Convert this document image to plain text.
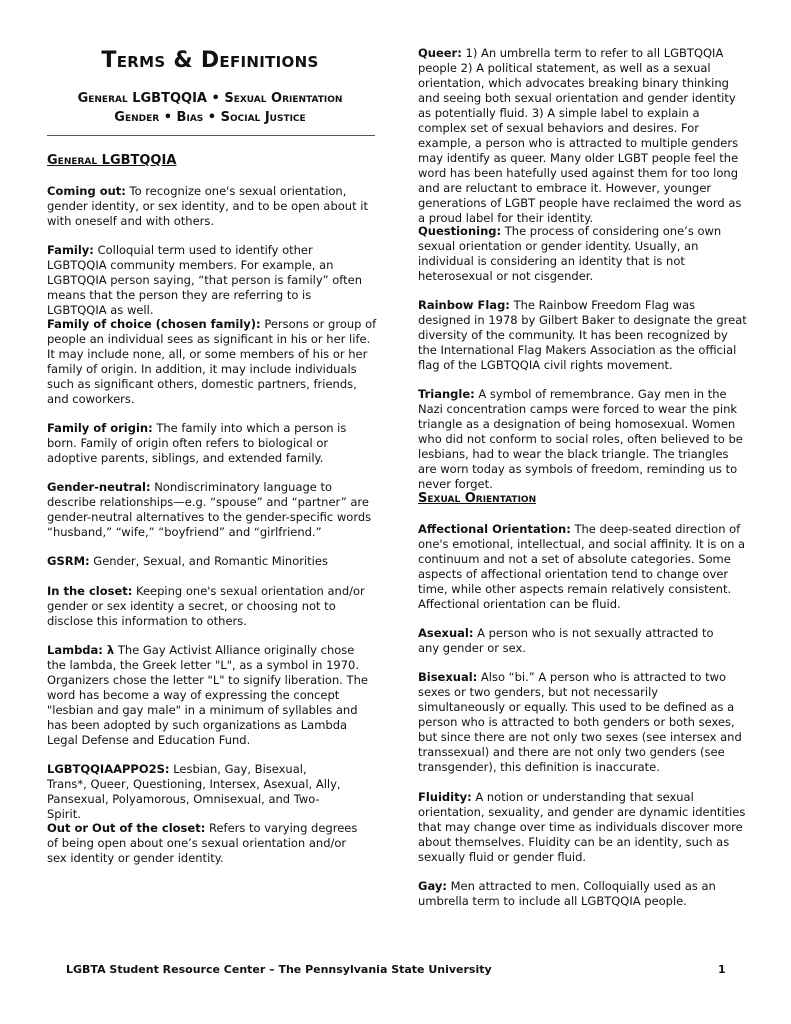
Terms & Definitions
General LGBTQQIA • Sexual Orientation
Gender • Bias • Social Justice
General LGBTQQIA

Coming out: To recognize one's sexual orientation, gender identity, or sex identity, and to be open about it with oneself and with others.

Family: Colloquial term used to identify other LGBTQQIA community members. For example, an LGBTQQIA person saying, “that person is family” often means that the person they are referring to is LGBTQQIA as well.

Family of choice (chosen family): Persons or group of people an individual sees as significant in his or her life. It may include none, all, or some members of his or her family of origin. In addition, it may include individuals such as significant others, domestic partners, friends, and coworkers.

Family of origin: The family into which a person is born. Family of origin often refers to biological or adoptive parents, siblings, and extended family.

Gender-neutral: Nondiscriminatory language to describe relationships—e.g. “spouse” and “partner” are gender-neutral alternatives to the gender-specific words “husband,” “wife,” “boyfriend” and “girlfriend.”

GSRM: Gender, Sexual, and Romantic Minorities

In the closet: Keeping one's sexual orientation and/or gender or sex identity a secret, or choosing not to disclose this information to others.

Lambda: λ The Gay Activist Alliance originally chose the lambda, the Greek letter "L", as a symbol in 1970. Organizers chose the letter "L" to signify liberation. The word has become a way of expressing the concept "lesbian and gay male" in a minimum of syllables and has been adopted by such organizations as Lambda Legal Defense and Education Fund.

LGBTQQIAAPPO2S: Lesbian, Gay, Bisexual, Trans*, Queer, Questioning, Intersex, Asexual, Ally, Pansexual, Polyamorous, Omnisexual, and Two-Spirit.

Out or Out of the closet: Refers to varying degrees of being open about one’s sexual orientation and/or sex identity or gender identity.

Queer: 1) An umbrella term to refer to all LGBTQQIA people 2) A political statement, as well as a sexual orientation, which advocates breaking binary thinking and seeing both sexual orientation and gender identity as potentially fluid. 3) A simple label to explain a complex set of sexual behaviors and desires. For example, a person who is attracted to multiple genders may identify as queer. Many older LGBT people feel the word has been hatefully used against them for too long and are reluctant to embrace it. However, younger generations of LGBT people have reclaimed the word as a proud label for their identity.

Questioning: The process of considering one’s own sexual orientation or gender identity. Usually, an individual is considering an identity that is not heterosexual or not cisgender.

Rainbow Flag: The Rainbow Freedom Flag was designed in 1978 by Gilbert Baker to designate the great diversity of the community. It has been recognized by the International Flag Makers Association as the official flag of the LGBTQQIA civil rights movement.

Triangle: A symbol of remembrance. Gay men in the Nazi concentration camps were forced to wear the pink triangle as a designation of being homosexual. Women who did not conform to social roles, often believed to be lesbians, had to wear the black triangle. The triangles are worn today as symbols of freedom, reminding us to never forget.

Sexual Orientation

Affectional Orientation: The deep-seated direction of one's emotional, intellectual, and social affinity. It is on a continuum and not a set of absolute categories. Some aspects of affectional orientation tend to change over time, while other aspects remain relatively consistent. Affectional orientation can be fluid.

Asexual: A person who is not sexually attracted to any gender or sex.

Bisexual: Also “bi.” A person who is attracted to two sexes or two genders, but not necessarily simultaneously or equally. This used to be defined as a person who is attracted to both genders or both sexes, but since there are not only two sexes (see intersex and transsexual) and there are not only two genders (see transgender), this definition is inaccurate.

Fluidity: A notion or understanding that sexual orientation, sexuality, and gender are dynamic identities that may change over time as individuals discover more about themselves. Fluidity can be an identity, such as sexually fluid or gender fluid.

Gay: Men attracted to men. Colloquially used as an umbrella term to include all LGBTQQIA people.

LGBTA Student Resource Center – The Pennsylvania State University	1
